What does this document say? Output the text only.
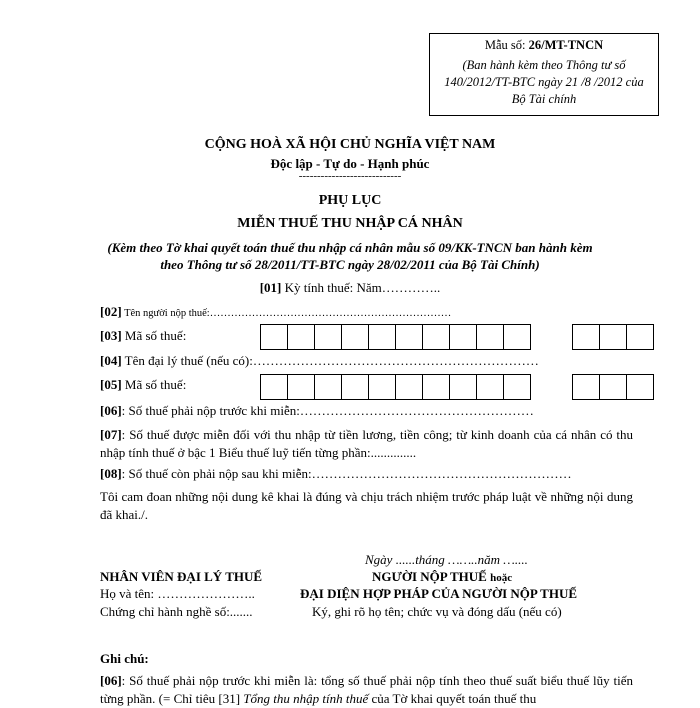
Mẫu số: 26/MT-TNCN
(Ban hành kèm theo Thông tư số 140/2012/TT-BTC ngày 21 /8 /2012 của Bộ Tài chính
CỘNG HOÀ XÃ HỘI CHỦ NGHĨA VIỆT NAM
Độc lập - Tự do - Hạnh phúc
----------------------------
PHỤ LỤC
MIỄN THUẾ THU NHẬP CÁ NHÂN
(Kèm theo Tờ khai quyết toán thuế thu nhập cá nhân mẫu số 09/KK-TNCN ban hành kèm theo Thông tư số 28/2011/TT-BTC ngày 28/02/2011 của Bộ Tài Chính)
[01] Kỳ tính thuế: Năm…………..
[02] Tên người nộp thuế:……………………………………………………………
[03] Mã số thuế:
[04] Tên đại lý thuế (nếu có):…………………………………………………………
[05] Mã số thuế:
[06]: Số thuế phải nộp trước khi miễn:………………………………………………
[07]: Số thuế được miễn đối với thu nhập từ tiền lương, tiền công; từ kinh doanh của cá nhân có thu nhập tính thuế ở bậc 1 Biểu thuế luỹ tiến từng phần:..............
[08]: Số thuế còn phải nộp sau khi miễn:……………………………………………………
Tôi cam đoan những nội dung kê khai là đúng và chịu trách nhiệm trước pháp luật về những nội dung đã khai./.
Ngày ......tháng ……..năm …....
NHÂN VIÊN ĐẠI LÝ THUẾ
Họ và tên: …………………..
Chứng chỉ hành nghề số:.......
NGƯỜI NỘP THUẾ hoặc
ĐẠI DIỆN HỢP PHÁP CỦA NGƯỜI NỘP THUẾ
Ký, ghi rõ họ tên; chức vụ và đóng dấu (nếu có)
Ghi chú:
[06]: Số thuế phải nộp trước khi miễn là: tổng số thuế phải nộp tính theo thuế suất biểu thuế lũy tiến từng phần. (= Chỉ tiêu [31] Tổng thu nhập tính thuế của Tờ khai quyết toán thuế thu
